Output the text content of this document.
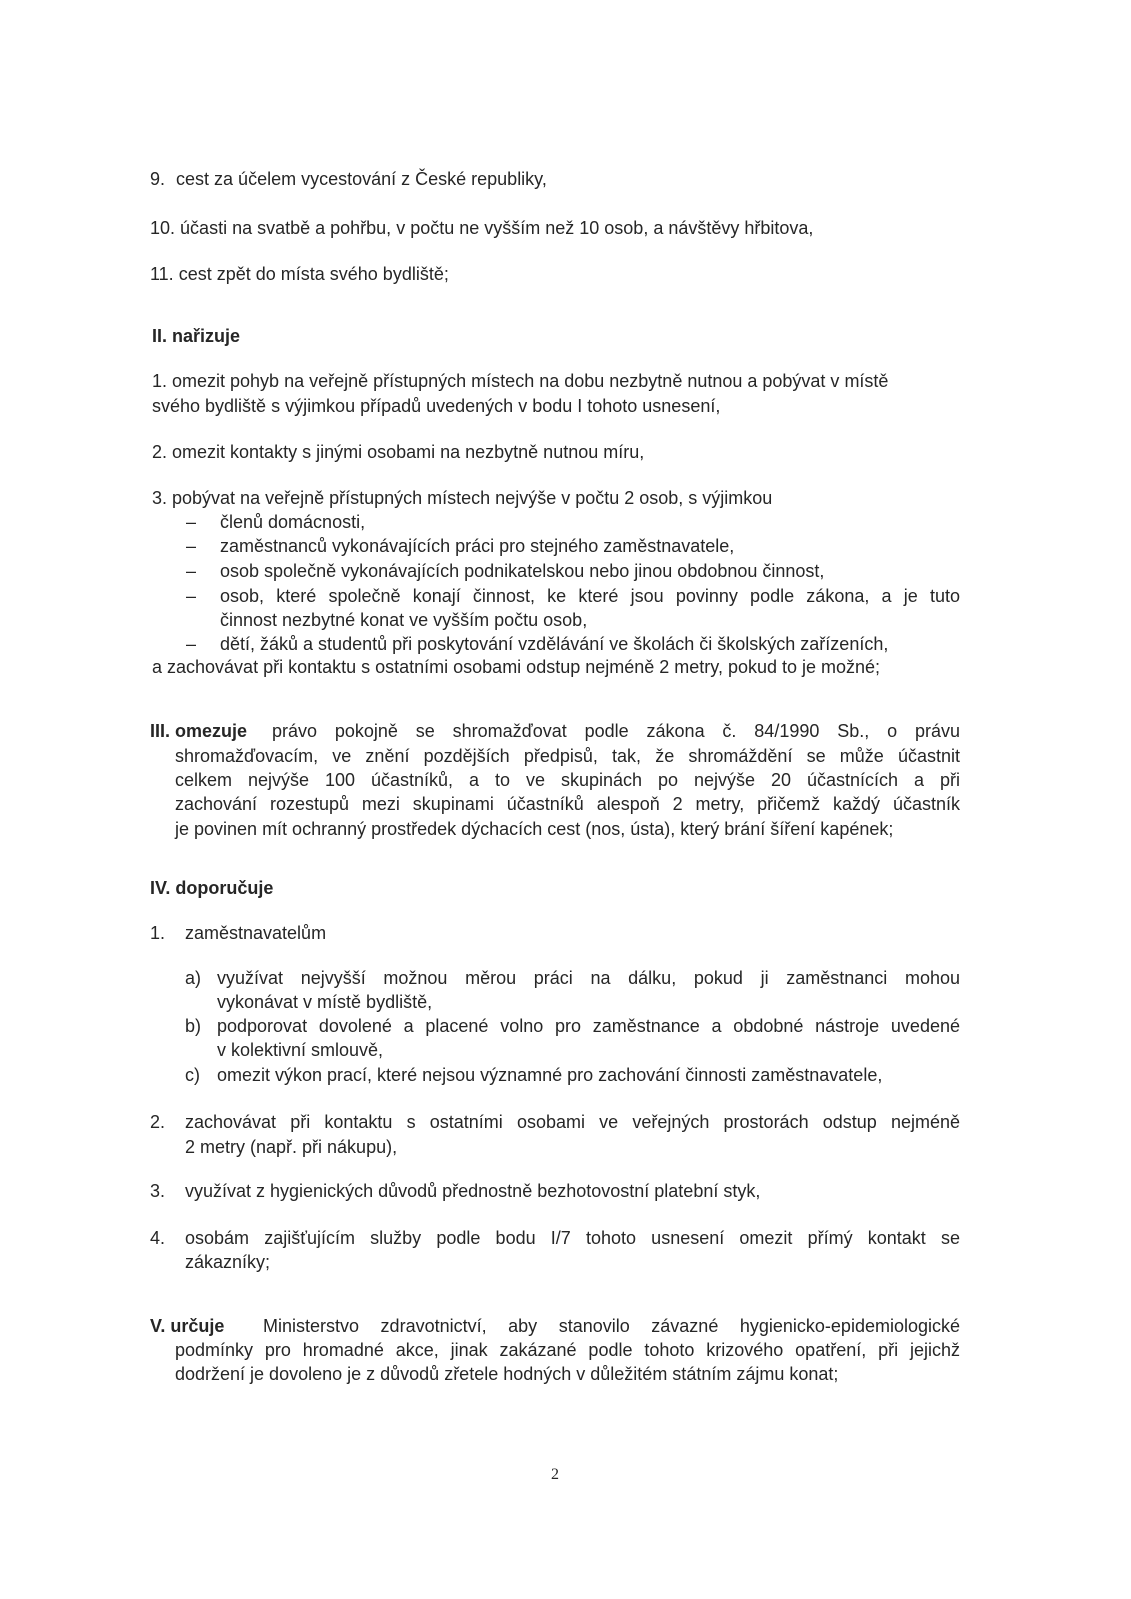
9. cest za účelem vycestování z České republiky,
10. účasti na svatbě a pohřbu, v počtu ne vyšším než 10 osob, a návštěvy hřbitova,
11. cest zpět do místa svého bydliště;
II. nařizuje
1. omezit pohyb na veřejně přístupných místech na dobu nezbytně nutnou a pobývat v místě
svého bydliště s výjimkou případů uvedených v bodu I tohoto usnesení,
2. omezit kontakty s jinými osobami na nezbytně nutnou míru,
3. pobývat na veřejně přístupných místech nejvýše v počtu 2 osob, s výjimkou
– členů domácnosti,
– zaměstnanců vykonávajících práci pro stejného zaměstnavatele,
– osob společně vykonávajících podnikatelskou nebo jinou obdobnou činnost,
– osob, které společně konají činnost, ke které jsou povinny podle zákona, a je tuto
činnost nezbytné konat ve vyšším počtu osob,
– dětí, žáků a studentů při poskytování vzdělávání ve školách či školských zařízeních,
a zachovávat při kontaktu s ostatními osobami odstup nejméně 2 metry, pokud to je možné;
III. omezuje právo pokojně se shromažďovat podle zákona č. 84/1990 Sb., o právu
shromažďovacím, ve znění pozdějších předpisů, tak, že shromáždění se může účastnit
celkem nejvýše 100 účastníků, a to ve skupinách po nejvýše 20 účastnících a při
zachování rozestupů mezi skupinami účastníků alespoň 2 metry, přičemž každý účastník
je povinen mít ochranný prostředek dýchacích cest (nos, ústa), který brání šíření kapének;
IV. doporučuje
1. zaměstnavatelům
a) využívat nejvyšší možnou měrou práci na dálku, pokud ji zaměstnanci mohou
vykonávat v místě bydliště,
b) podporovat dovolené a placené volno pro zaměstnance a obdobné nástroje uvedené
v kolektivní smlouvě,
c) omezit výkon prací, které nejsou významné pro zachování činnosti zaměstnavatele,
2. zachovávat při kontaktu s ostatními osobami ve veřejných prostorách odstup nejméně
2 metry (např. při nákupu),
3. využívat z hygienických důvodů přednostně bezhotovostní platební styk,
4. osobám zajišťujícím služby podle bodu I/7 tohoto usnesení omezit přímý kontakt se
zákazníky;
V. určuje Ministerstvo zdravotnictví, aby stanovilo závazné hygienicko-epidemiologické
podmínky pro hromadné akce, jinak zakázané podle tohoto krizového opatření, při jejichž
dodržení je dovoleno je z důvodů zřetele hodných v důležitém státním zájmu konat;
2
